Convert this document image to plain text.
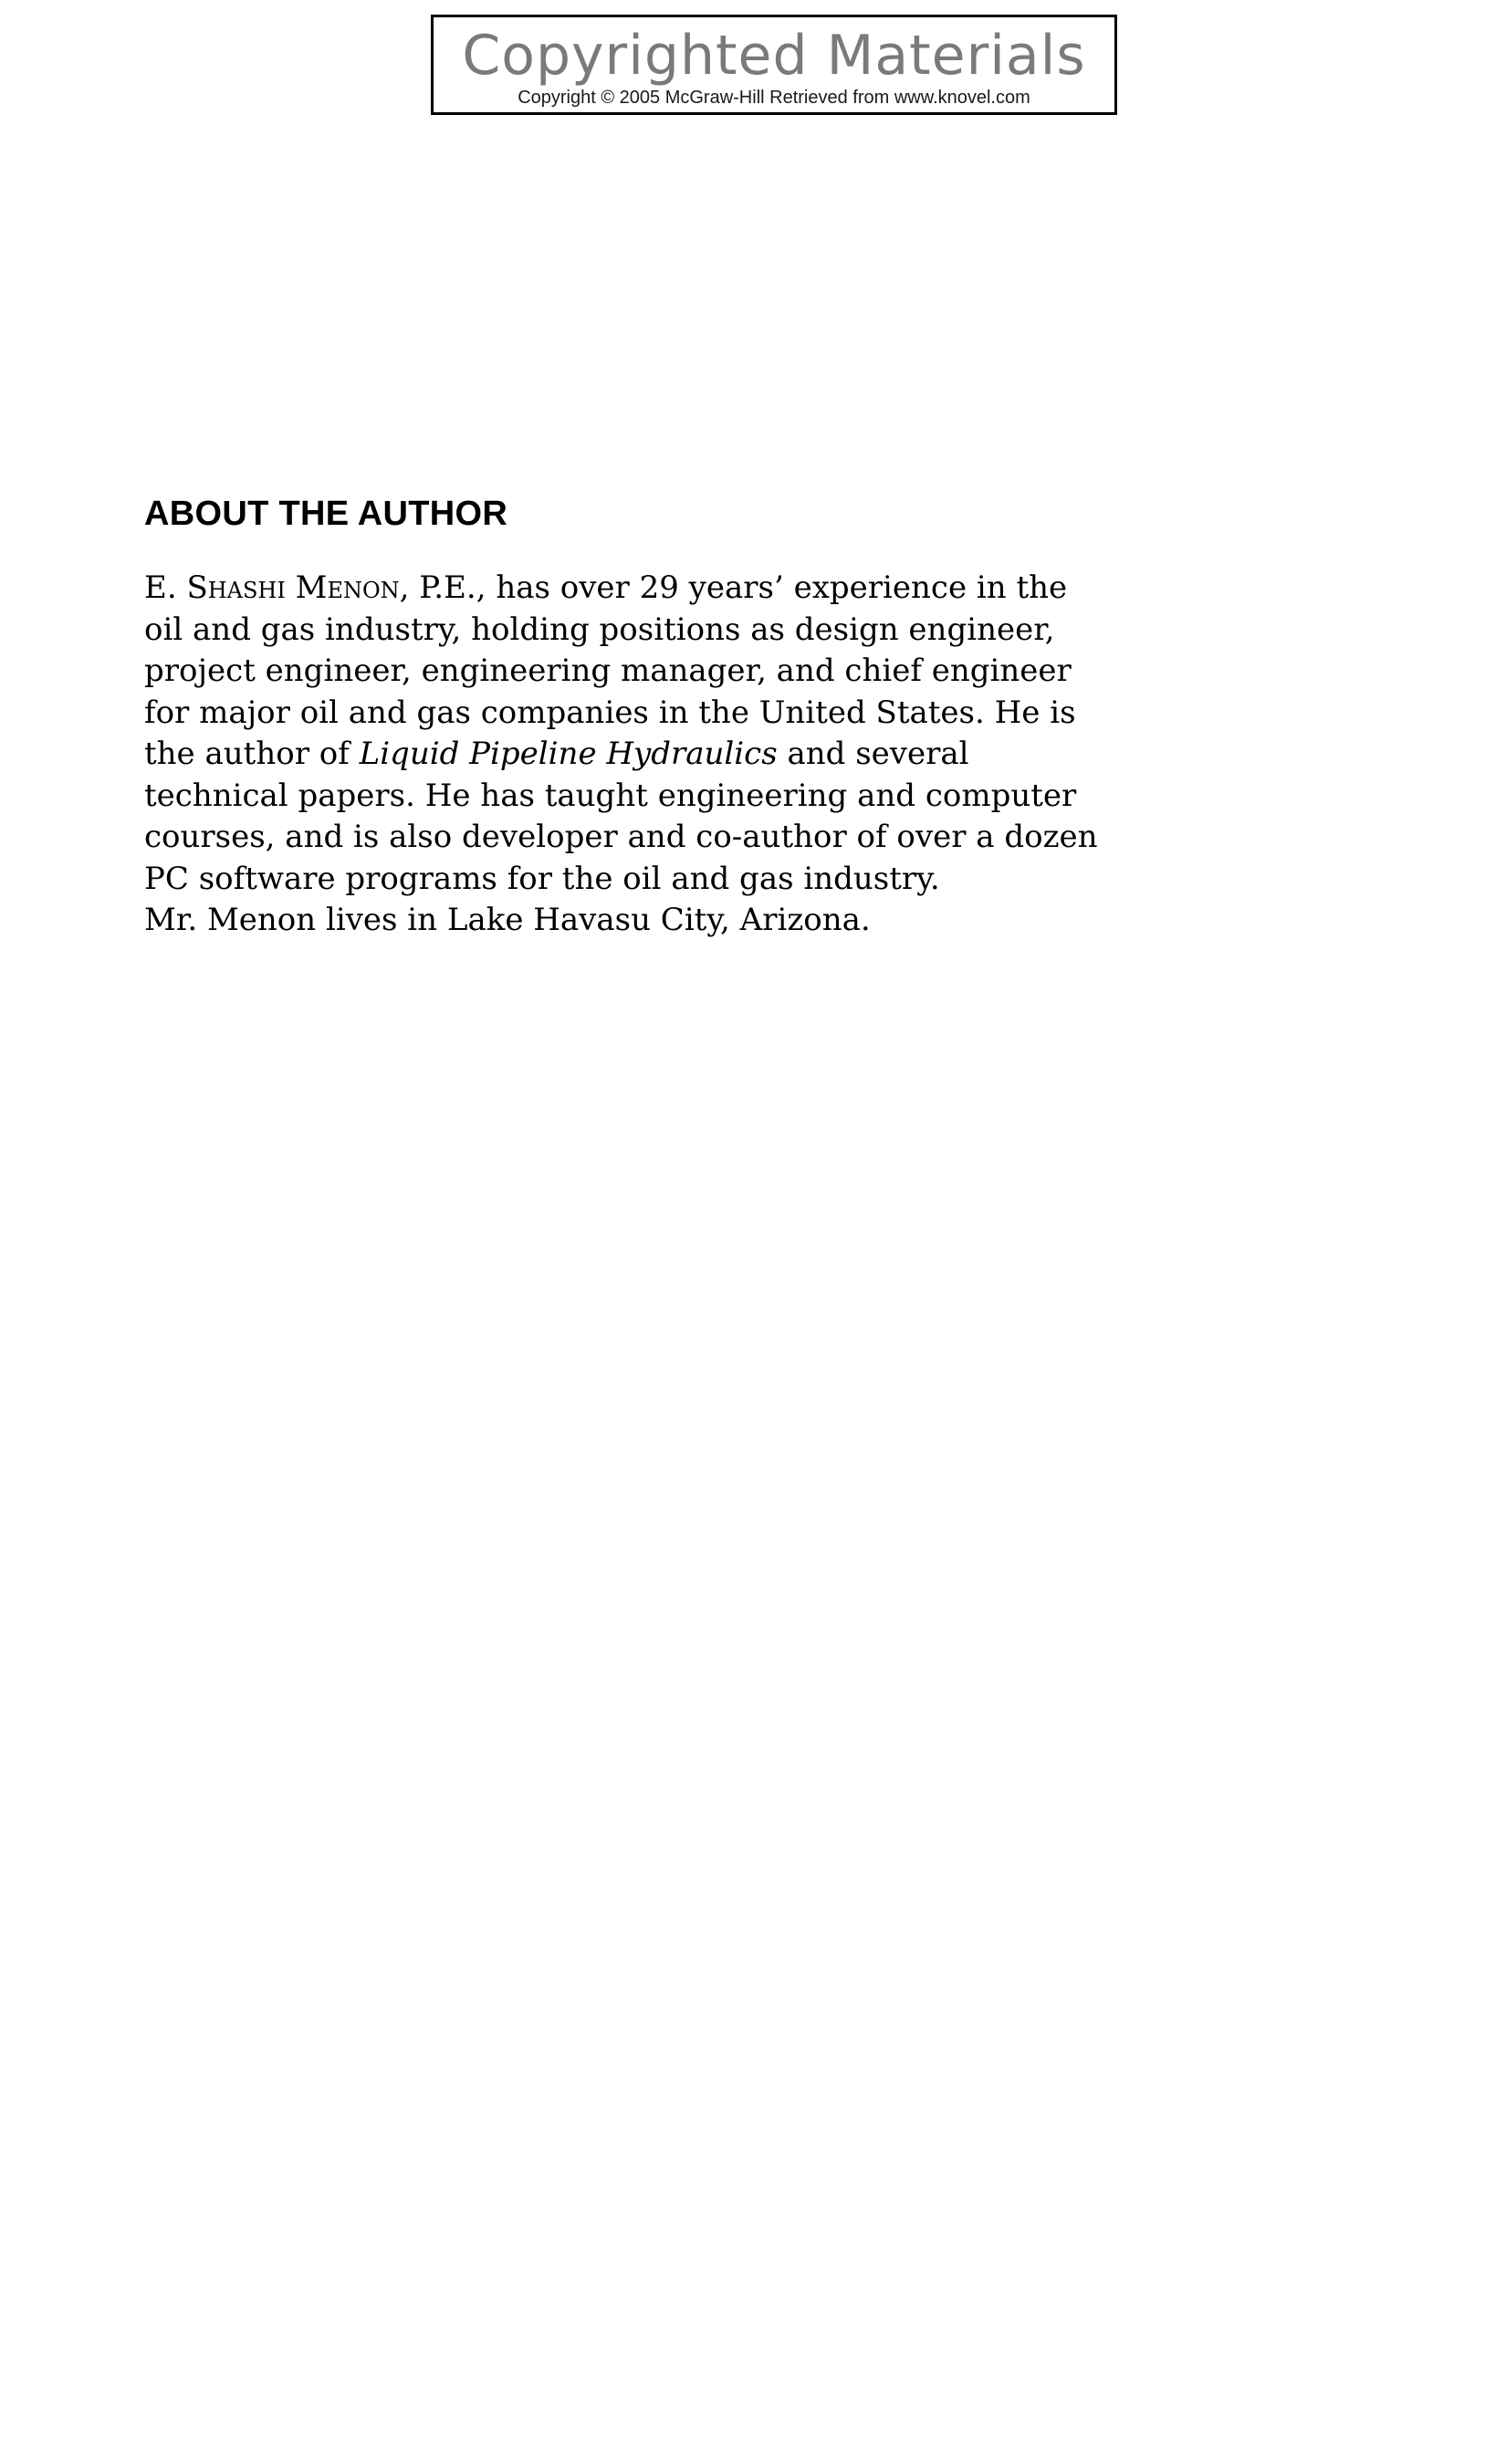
Copyrighted Materials
Copyright © 2005 McGraw-Hill Retrieved from www.knovel.com
ABOUT THE AUTHOR
E. Shashi Menon, P.E., has over 29 years’ experience in the
oil and gas industry, holding positions as design engineer,
project engineer, engineering manager, and chief engineer
for major oil and gas companies in the United States. He is
the author of Liquid Pipeline Hydraulics and several
technical papers. He has taught engineering and computer
courses, and is also developer and co-author of over a dozen
PC software programs for the oil and gas industry.
Mr. Menon lives in Lake Havasu City, Arizona.
